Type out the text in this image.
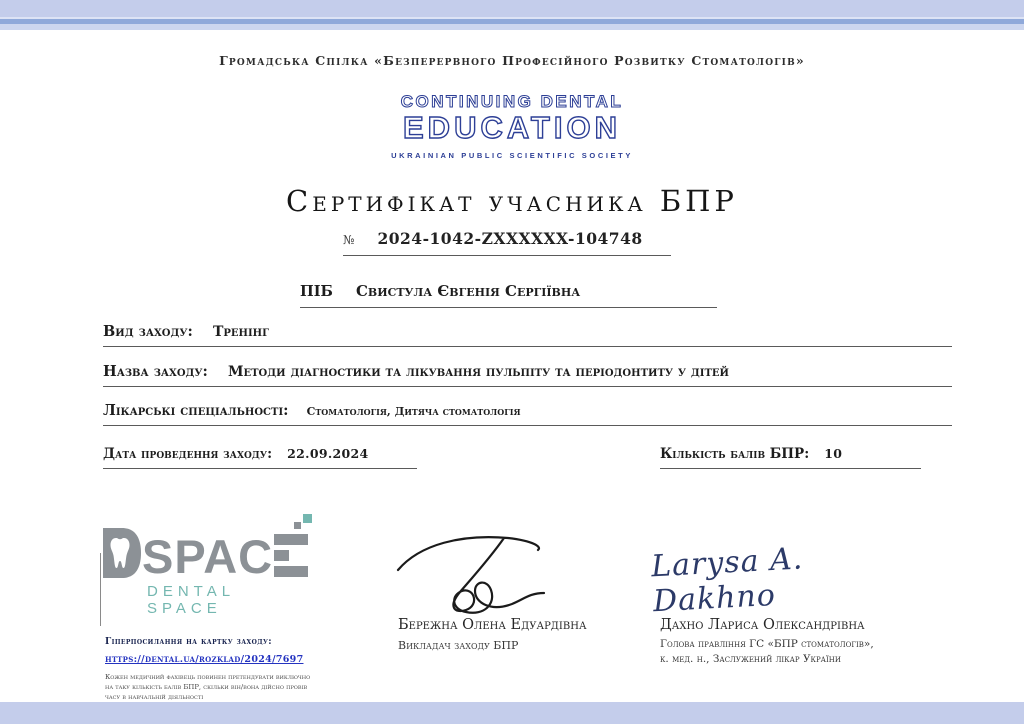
Громадська Спілка «Безперервного Професійного Розвитку Стоматологів»
CONTINUING DENTAL
EDUCATION
UKRAINIAN PUBLIC SCIENTIFIC SOCIETY
Сертифікат учасника БПР
№ 2024-1042-ZXXXXXX-104748
ПІБ Свистула Євгенія Сергіївна
Вид заходу: Тренінг
Назва заходу: Методи діагностики та лікування пульпіту та періодонтиту у дітей
Лікарські спеціальності: Стоматологія, Дитяча стоматологія
Дата проведення заходу: 22.09.2024	Кількість балів БПР: 10
SPAC
DENTAL SPACE
Гіперпосилання на картку заходу:
https://dental.ua/rozklad/2024/7697
Кожен медичний фахівець повинен претендувати виключно
на таку кількість балів БПР, скільки він/вона дійсно провів
часу в навчальній діяльності
Бережна Олена Едуардівна
Викладач заходу БПР
Larysa A. Dakhno
Дахно Лариса Олександрівна
Голова правління ГС «БПР стоматологів»,
к. мед. н., Заслужений лікар України
